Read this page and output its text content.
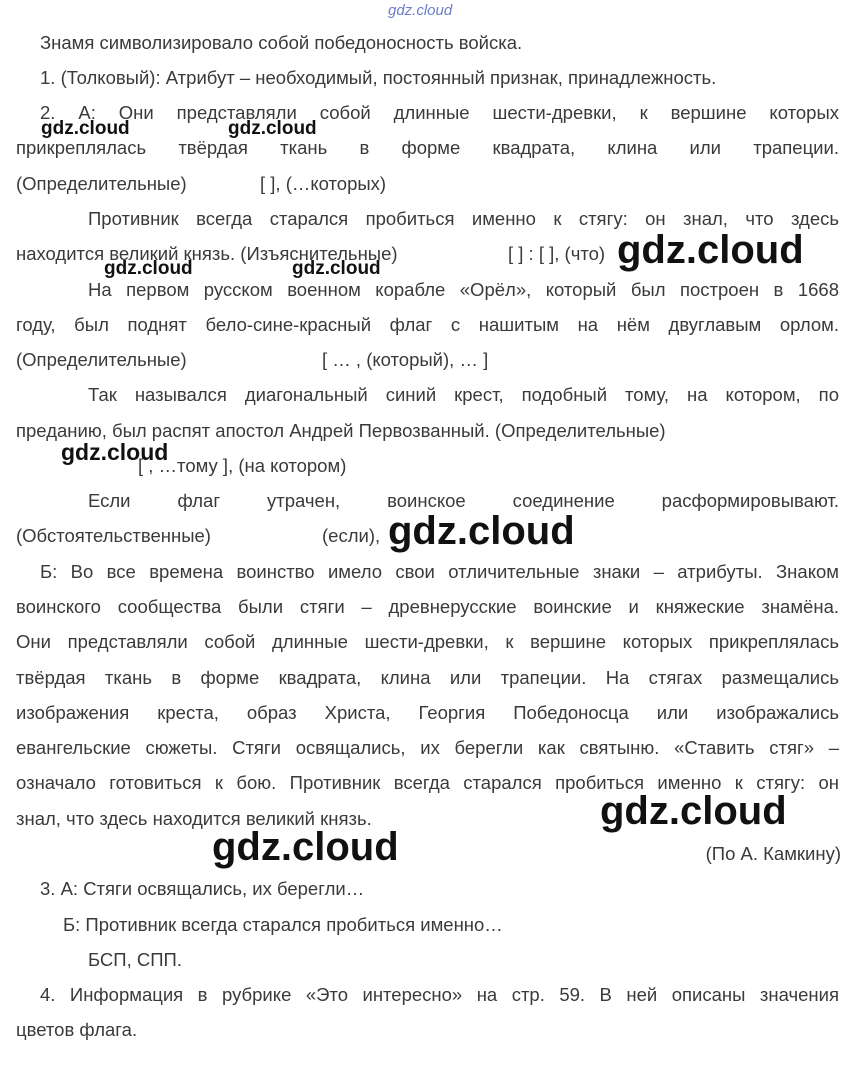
gdz.cloud
Знамя символизировало собой победоносность войска.
1. (Толковый): Атрибут – необходимый, постоянный признак, принадлежность.
2. А: Они представляли собой длинные шести-древки, к вершине которых
прикреплялась твёрдая ткань в форме квадрата, клина или трапеции.
(Определительные)	[ ], (…которых)
Противник всегда старался пробиться именно к стягу: он знал, что здесь
находится великий князь. (Изъяснительные)	[ ] : [ ], (что)
На первом русском военном корабле «Орёл», который был построен в 1668
году, был поднят бело-сине-красный флаг с нашитым на нём двуглавым орлом.
(Определительные)	[ … , (который), … ]
Так назывался диагональный синий крест, подобный тому, на котором, по
преданию, был распят апостол Андрей Первозванный. (Определительные)
[ , …тому ], (на котором)
Если флаг утрачен, воинское соединение расформировывают.
(Обстоятельственные)	(если),
Б: Во все времена воинство имело свои отличительные знаки – атрибуты. Знаком
воинского сообщества были стяги – древнерусские воинские и княжеские знамёна.
Они представляли собой длинные шести-древки, к вершине которых прикреплялась
твёрдая ткань в форме квадрата, клина или трапеции. На стягах размещались
изображения креста, образ Христа, Георгия Победоносца или изображались
евангельские сюжеты. Стяги освящались, их берегли как святыню. «Ставить стяг» –
означало готовиться к бою. Противник всегда старался пробиться именно к стягу: он
знал, что здесь находится великий князь.
(По А. Камкину)
3. А: Стяги освящались, их берегли…
Б: Противник всегда старался пробиться именно…
БСП, СПП.
4. Информация в рубрике «Это интересно» на стр. 59. В ней описаны значения
цветов флага.
gdz.cloud	gdz.cloud
gdz.cloud
gdz.cloud	gdz.cloud
gdz.cloud
gdz.cloud
gdz.cloud
gdz.cloud
